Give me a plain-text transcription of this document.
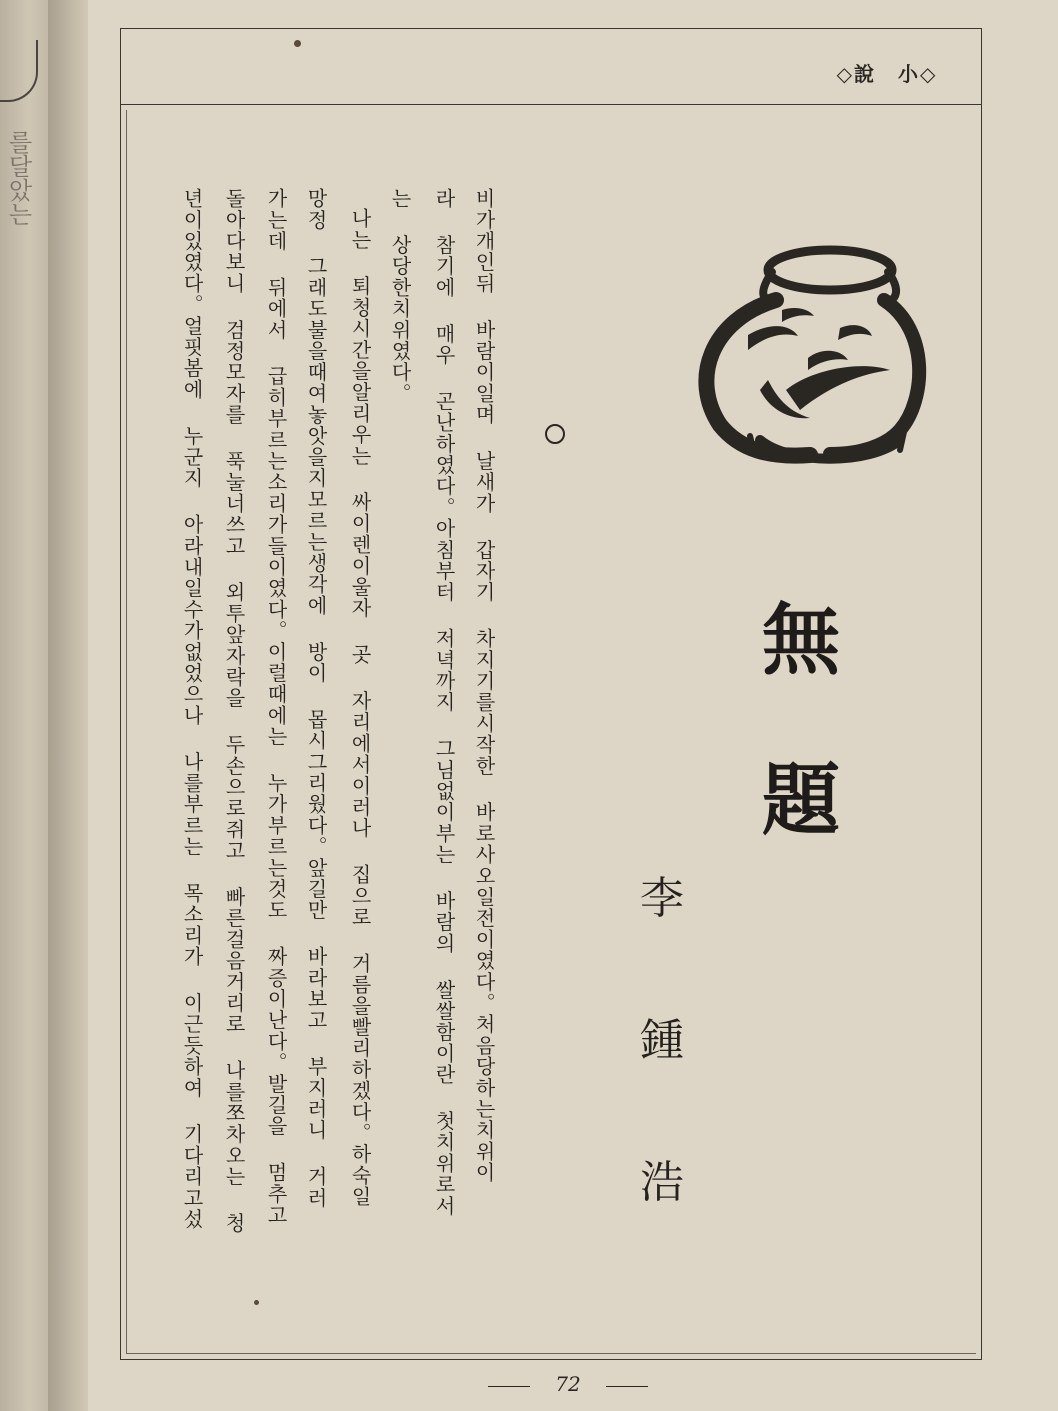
를달았는
◇說　小◇
無
題
李
鍾
浩
비가개인뒤 바람이일며 날새가 갑자기 차지기를시작한 바로사오일전이였다。처음당하는치위이
라 참기에 매우 곤난하였다。아침부터 저녁까지 그님없이부는 바람의 쌀쌀함이란 첫치위로서
는 상당한치위였다。
나는 퇴청시간을알리우는 싸이렌이울자 곳 자리에서이러나 집으로 거름을빨리하겠다。하숙일
망정 그래도불을때여놓앗을지모르는생각에 방이 몹시그리웠다。앞길만 바라보고 부지러니 거러
가는데 뒤에서 급히부르는소리가들이였다。이럴때에는 누가부르는것도 짜증이난다。발길을 멈추고
돌아다보니 검정모자를 푹눌너쓰고 외투앞자락을 두손으로쥐고 빠른걸음거리로 나를쪼차오는 청
년이있였다。얼핏봄에 누군지 아라내일수가없었으나 나를부르는 목소리가 이근듯하여 기다리고섰
72
